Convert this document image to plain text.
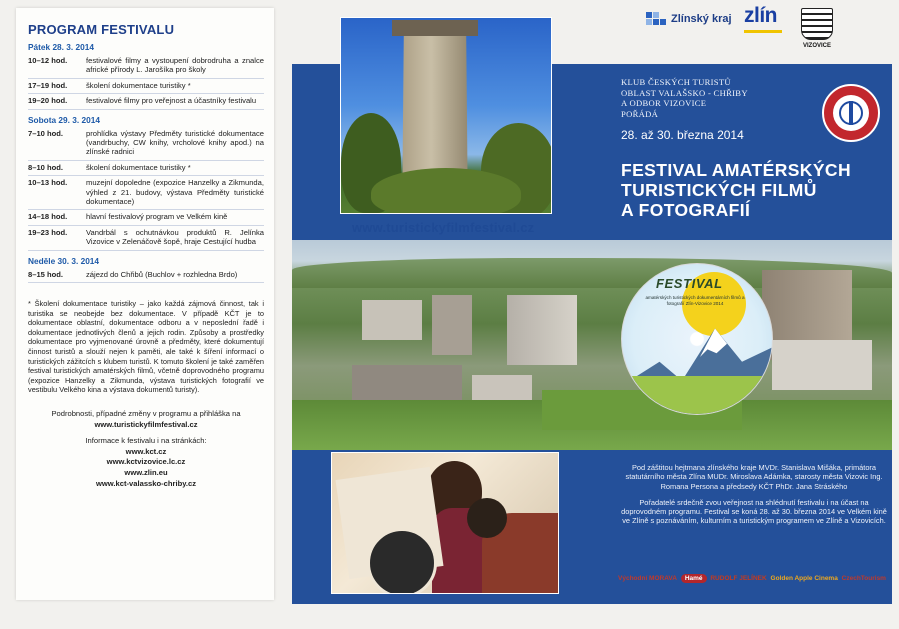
PROGRAM FESTIVALU
Pátek 28. 3. 2014
10–12 hod.	festivalové filmy a vystoupení dobrodruha a znalce africké přírody L. Jarošíka pro školy
17–19 hod.	školení dokumentace turistiky *
19–20 hod.	festivalové filmy pro veřejnost a účastníky festivalu
Sobota 29. 3. 2014
7–10 hod.	prohlídka výstavy Předměty turistické dokumentace (vandrbuchy, CW knihy, vrcholové knihy apod.) na zlínské radnici
8–10 hod.	školení dokumentace turistiky *
10–13 hod.	muzejní dopoledne (expozice Hanzelky a Zikmunda, výhled z 21. budovy, výstava Předměty turistické dokumentace)
14–18 hod.	hlavní festivalový program ve Velkém kině
19–23 hod.	Vandrbál s ochutnávkou produktů R. Jelínka Vizovice v Zelenáčově šopě, hraje Cestující hudba
Neděle 30. 3. 2014
8–15 hod.	zájezd do Chřibů (Buchlov + rozhledna Brdo)
* Školení dokumentace turistiky – jako každá zájmová činnost, tak i turistika se neobejde bez dokumentace. V případě KČT je to dokumentace oblastní, dokumentace odboru a v neposlední řadě i dokumentace jednotlivých členů a jejich rodin. Způsoby a prostředky dokumentace pro vyjmenované úrovně a předměty, které dokumentují činnost turistů a slouží nejen k paměti, ale také k šíření informací o turistických zážitcích s klubem turistů. K tomuto školení je také zaměřen festival turistických amatérských filmů, včetně doprovodného programu (expozice Hanzelky a Zikmunda, výstava turistických fotografií ve vestibulu Velkého kina a výstava dokumentů turisty).
Podrobnosti, případné změny v programu a přihláška na
www.turistickyfilmfestival.cz
Informace k festivalu i na stránkách:
www.kct.cz
www.kctvizovice.lc.cz
www.zlin.eu
www.kct-valassko-chriby.cz
Zlínský kraj zlín
VIZOVICE
KLUB ČESKÝCH TURISTŮ
OBLAST VALAŠSKO - CHŘIBY
A ODBOR VIZOVICE
POŘÁDÁ
28. až 30. března 2014
FESTIVAL AMATÉRSKÝCH
TURISTICKÝCH FILMŮ
A FOTOGRAFIÍ
FESTIVAL
amatérských turistických dokumentárních filmů a fotografií Zlín-Vizovice 2014
www.turistickyfilmfestival.cz

Pod záštitou hejtmana zlínského kraje MVDr. Stanislava Mišáka, primátora statutárního města Zlína MUDr. Miroslava Adámka, starosty města Vizovic Ing. Romana Persona a předsedy KČT PhDr. Jana Stráského

Pořadatelé srdečně zvou veřejnost na shlédnutí festivalu i na účast na doprovodném programu. Festival se koná 28. až 30. března 2014 ve Velkém kině ve Zlíně s poznáváním, kulturním a turistickým programem ve Zlíně a Vizovicích.

Východní MORAVA	Hamé	RUDOLF JELÍNEK Golden Apple Cinema CzechTourism
